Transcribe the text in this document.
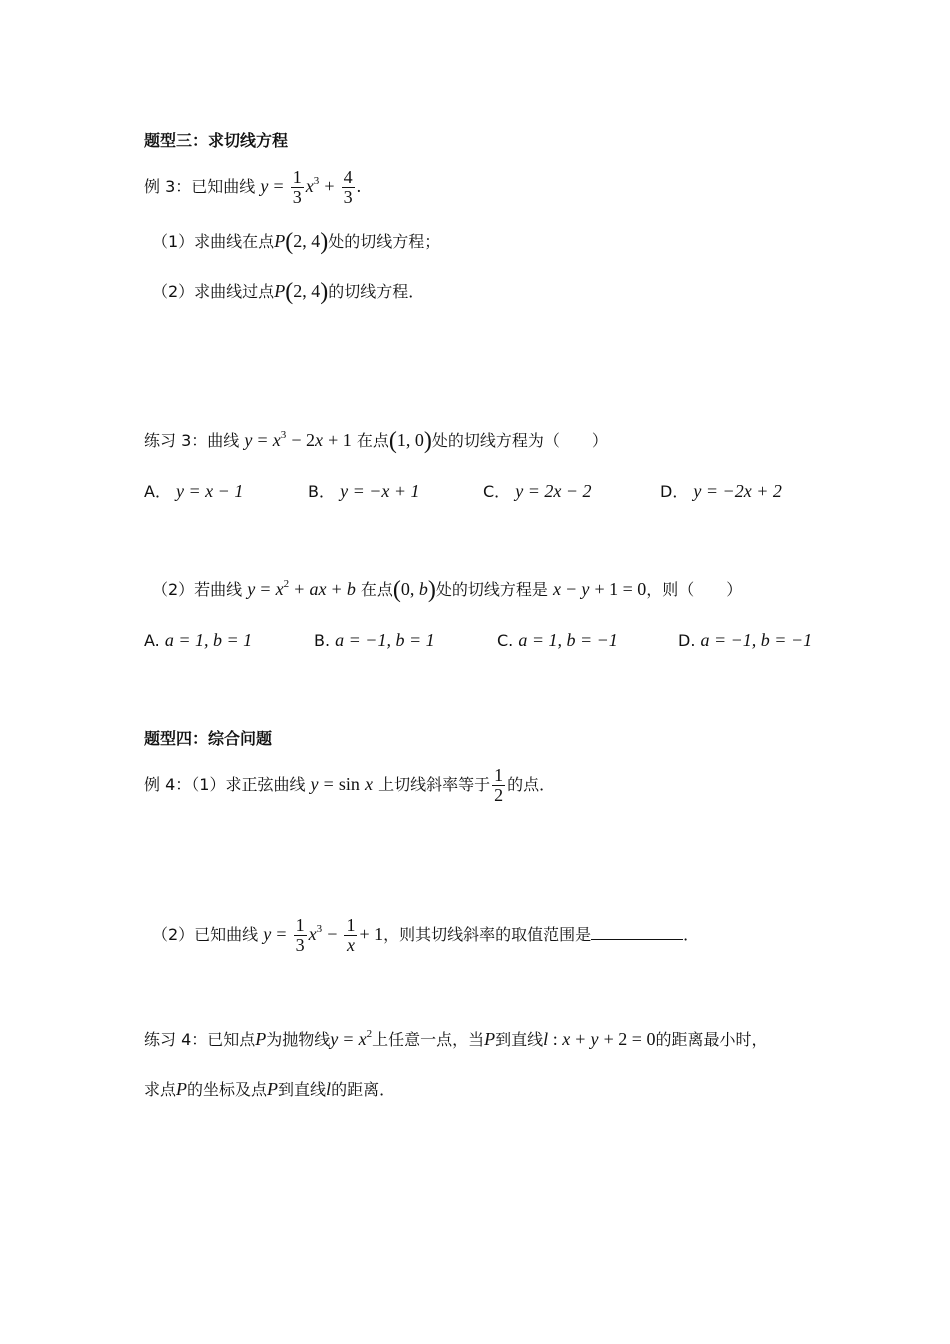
题型三：求切线方程
例 3：已知曲线 $y = \frac{1}{3} x^3 + \frac{4}{3}$ .
（1）求曲线在点P(2, 4)处的切线方程；
（2）求曲线过点P(2, 4)的切线方程．
练习 3：曲线 $y = x^3 - 2x + 1$ 在点(1, 0)处的切线方程为（　　）
A． y = x − 1	B． y = −x + 1	C． y = 2x − 2	D． y = −2x + 2
（2）若曲线 $y = x^2$ + ax + b 在点(0, b)处的切线方程是 x − y + 1 = 0，则（　　）
A. a = 1, b = 1	B. a = −1, b = 1	C. a = 1, b = −1	D. a = −1, b = −1
题型四：综合问题
例 4：（1）求正弦曲线 y = sin x 上切线斜率等于 $\frac{1}{2}$ 的点．
（2）已知曲线 $y = \frac{1}{3} x^3 - \frac{1}{x} + 1$，则其切线斜率的取值范围是	．
练习 4：已知点P为抛物线$y = x^2$上任意一点，当P到直线l : x + y + 2 = 0的距离最小时，
求点P的坐标及点P到直线l的距离．
